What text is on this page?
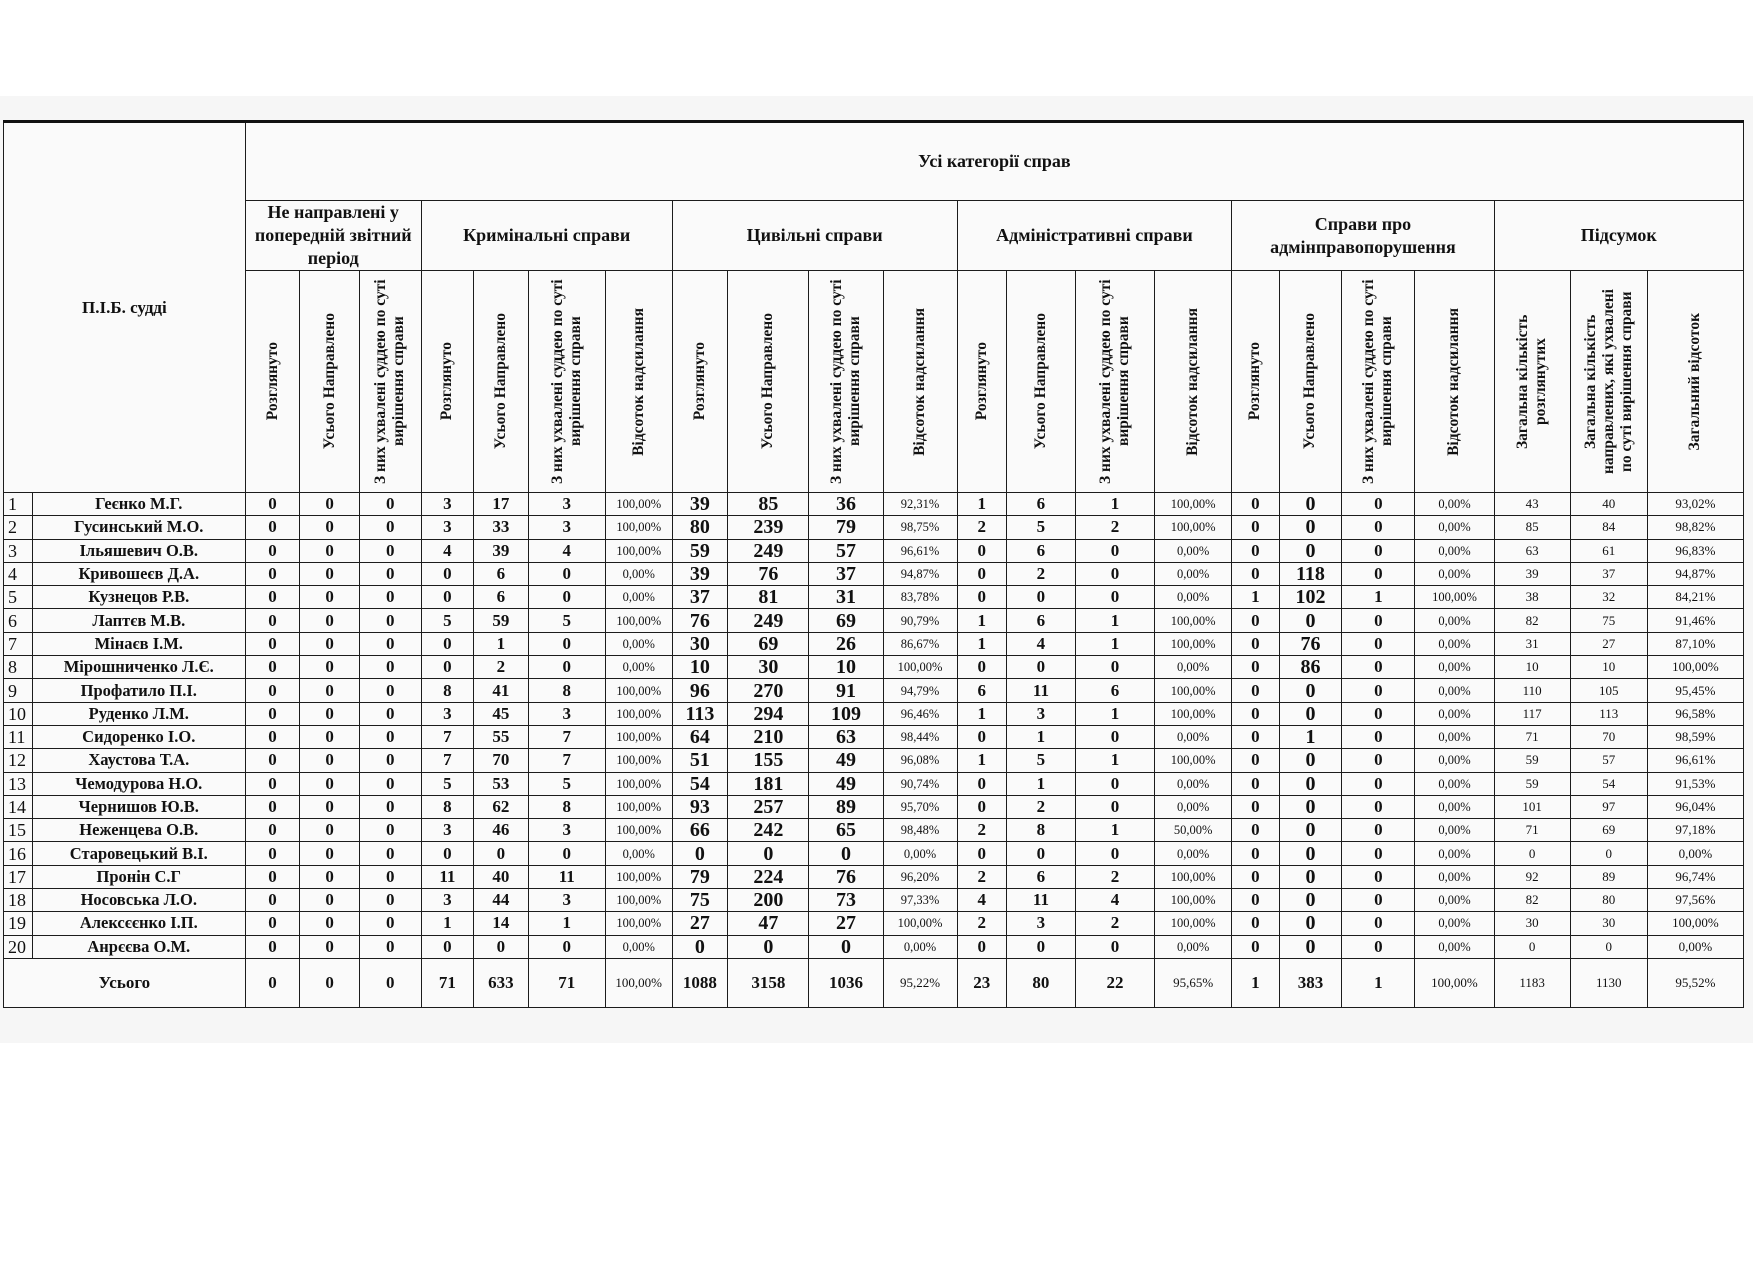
П.І.Б. судді		Усі категорії справ																					
		Не направлені у попередній звітний період			Кримінальні справи				Цивільні справи				Адміністративні справи				Справи про адмінправопорушення				Підсумок		

		Розглянуто	Усього Направлено	З них ухвалені суддею по суті вирішення справи	Розглянуто	Усього Направлено	З них ухвалені суддею по суті вирішення справи	Відсоток надсилання	Розглянуто	Усього Направлено	З них ухвалені суддею по суті вирішення справи	Відсоток надсилання	Розглянуто	Усього Направлено	З них ухвалені суддею по суті вирішення справи	Відсоток надсилання	Розглянуто	Усього Направлено	З них ухвалені суддею по суті вирішення справи	Відсоток надсилання	Загальна кількість розглянутих	Загальна кількість направлених, які ухвалені по суті вирішення справи	Загальний відсоток

1	Геєнко М.Г.	0	0	0	3	17	3	100,00%	39	85	36	92,31%	1	6	1	100,00%	0	0	0	0,00%	43	40	93,02%
2	Гусинський М.О.	0	0	0	3	33	3	100,00%	80	239	79	98,75%	2	5	2	100,00%	0	0	0	0,00%	85	84	98,82%
3	Ільяшевич О.В.	0	0	0	4	39	4	100,00%	59	249	57	96,61%	0	6	0	0,00%	0	0	0	0,00%	63	61	96,83%
4	Кривошеєв Д.А.	0	0	0	0	6	0	0,00%	39	76	37	94,87%	0	2	0	0,00%	0	118	0	0,00%	39	37	94,87%
5	Кузнецов Р.В.	0	0	0	0	6	0	0,00%	37	81	31	83,78%	0	0	0	0,00%	1	102	1	100,00%	38	32	84,21%
6	Лаптєв М.В.	0	0	0	5	59	5	100,00%	76	249	69	90,79%	1	6	1	100,00%	0	0	0	0,00%	82	75	91,46%
7	Мінаєв І.М.	0	0	0	0	1	0	0,00%	30	69	26	86,67%	1	4	1	100,00%	0	76	0	0,00%	31	27	87,10%
8	Мірошниченко Л.Є.	0	0	0	0	2	0	0,00%	10	30	10	100,00%	0	0	0	0,00%	0	86	0	0,00%	10	10	100,00%
9	Профатило П.І.	0	0	0	8	41	8	100,00%	96	270	91	94,79%	6	11	6	100,00%	0	0	0	0,00%	110	105	95,45%
10	Руденко Л.М.	0	0	0	3	45	3	100,00%	113	294	109	96,46%	1	3	1	100,00%	0	0	0	0,00%	117	113	96,58%
11	Сидоренко І.О.	0	0	0	7	55	7	100,00%	64	210	63	98,44%	0	1	0	0,00%	0	1	0	0,00%	71	70	98,59%
12	Хаустова Т.А.	0	0	0	7	70	7	100,00%	51	155	49	96,08%	1	5	1	100,00%	0	0	0	0,00%	59	57	96,61%
13	Чемодурова Н.О.	0	0	0	5	53	5	100,00%	54	181	49	90,74%	0	1	0	0,00%	0	0	0	0,00%	59	54	91,53%
14	Чернишов Ю.В.	0	0	0	8	62	8	100,00%	93	257	89	95,70%	0	2	0	0,00%	0	0	0	0,00%	101	97	96,04%
15	Неженцева О.В.	0	0	0	3	46	3	100,00%	66	242	65	98,48%	2	8	1	50,00%	0	0	0	0,00%	71	69	97,18%
16	Старовецький В.І.	0	0	0	0	0	0	0,00%	0	0	0	0,00%	0	0	0	0,00%	0	0	0	0,00%	0	0	0,00%
17	Пронін С.Г	0	0	0	11	40	11	100,00%	79	224	76	96,20%	2	6	2	100,00%	0	0	0	0,00%	92	89	96,74%
18	Носовська Л.О.	0	0	0	3	44	3	100,00%	75	200	73	97,33%	4	11	4	100,00%	0	0	0	0,00%	82	80	97,56%
19	Алексєєнко І.П.	0	0	0	1	14	1	100,00%	27	47	27	100,00%	2	3	2	100,00%	0	0	0	0,00%	30	30	100,00%
20	Анрєєва О.М.	0	0	0	0	0	0	0,00%	0	0	0	0,00%	0	0	0	0,00%	0	0	0	0,00%	0	0	0,00%
Усього		0	0	0	71	633	71	100,00%	1088	3158	1036	95,22%	23	80	22	95,65%	1	383	1	100,00%	1183	1130	95,52%
